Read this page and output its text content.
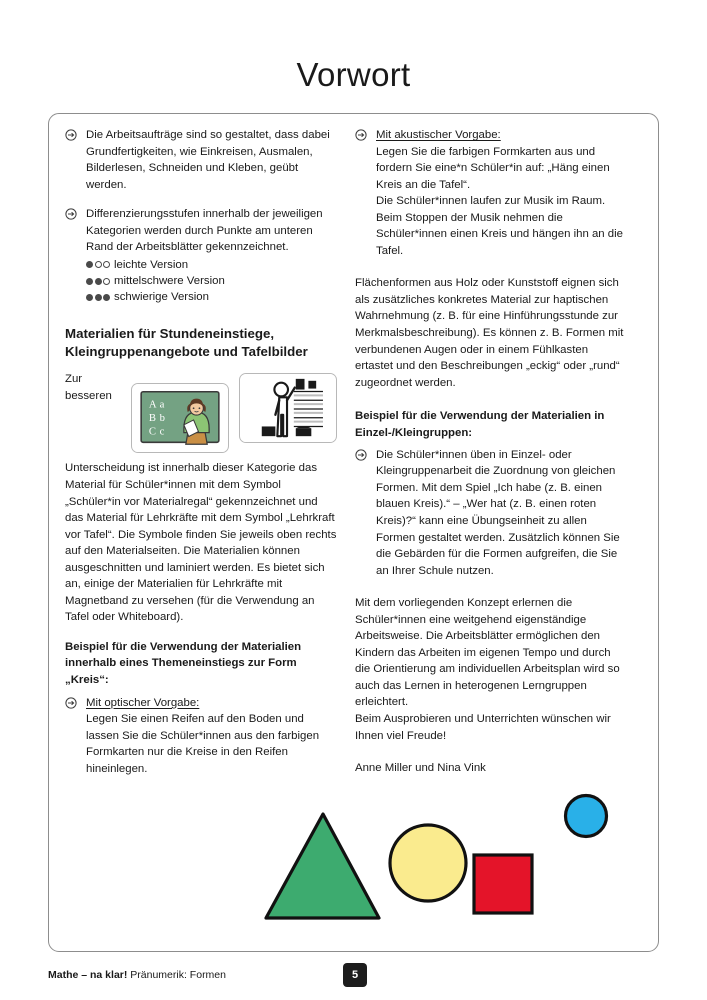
Vorwort
Die Arbeitsaufträge sind so gestaltet, dass dabei Grundfertigkeiten, wie Einkreisen, Ausmalen, Bilderlesen, Schneiden und Kleben, geübt werden.
Differenzierungsstufen innerhalb der jeweiligen Kategorien werden durch Punkte am unteren Rand der Arbeitsblätter gekennzeichnet.
leichte Version
mittelschwere Version
schwierige Version
Materialien für Stundeneinstiege, Kleingruppenangebote und Tafelbilder
A a
B b
C c
Zur besseren Unterscheidung ist innerhalb dieser Kategorie das Material für Schüler*innen mit dem Symbol „Schüler*in vor Materialregal“ gekennzeichnet und das Material für Lehrkräfte mit dem Symbol „Lehrkraft vor Tafel“. Die Symbole finden Sie jeweils oben rechts auf den Materialseiten. Die Materialien können ausgeschnitten und laminiert werden. Es bietet sich an, einige der Materialien für Lehrkräfte mit Magnetband zu versehen (für die Verwendung an Tafel oder Whiteboard).
Beispiel für die Verwendung der Materialien innerhalb eines Themeneinstiegs zur Form „Kreis“:
Mit optischer Vorgabe:
Legen Sie einen Reifen auf den Boden und lassen Sie die Schüler*innen aus den farbigen Formkarten nur die Kreise in den Reifen hineinlegen.
Mit akustischer Vorgabe:
Legen Sie die farbigen Formkarten aus und fordern Sie eine*n Schüler*in auf: „Häng einen Kreis an die Tafel“.
Die Schüler*innen laufen zur Musik im Raum. Beim Stoppen der Musik nehmen die Schüler*innen einen Kreis und hängen ihn an die Tafel.
Flächenformen aus Holz oder Kunststoff eignen sich als zusätzliches konkretes Material zur haptischen Wahrnehmung (z. B. für eine Hinführungsstunde zur Merkmalsbeschreibung). Es können z. B. Formen mit verbundenen Augen oder in einem Fühlkasten ertastet und den Beschreibungen „eckig“ oder „rund“ zugeordnet werden.
Beispiel für die Verwendung der Materialien in Einzel-/Kleingruppen:
Die Schüler*innen üben in Einzel- oder Kleingruppenarbeit die Zuordnung von gleichen Formen. Mit dem Spiel „Ich habe (z. B. einen blauen Kreis).“ – „Wer hat (z. B. einen roten Kreis)?“ kann eine Übungseinheit zu allen Formen gestaltet werden. Zusätzlich können Sie die Gebärden für die Formen aufgreifen, die Sie an Ihrer Schule nutzen.
Mit dem vorliegenden Konzept erlernen die Schüler*innen eine weitgehend eigenständige Arbeitsweise. Die Arbeitsblätter ermöglichen den Kindern das Arbeiten im eigenen Tempo und durch die Orientierung am individuellen Arbeitsplan wird so auch das Lernen in heterogenen Lerngruppen erleichtert.
Beim Ausprobieren und Unterrichten wünschen wir Ihnen viel Freude!
Anne Miller und Nina Vink
Mathe – na klar! Pränumerik: Formen	5
